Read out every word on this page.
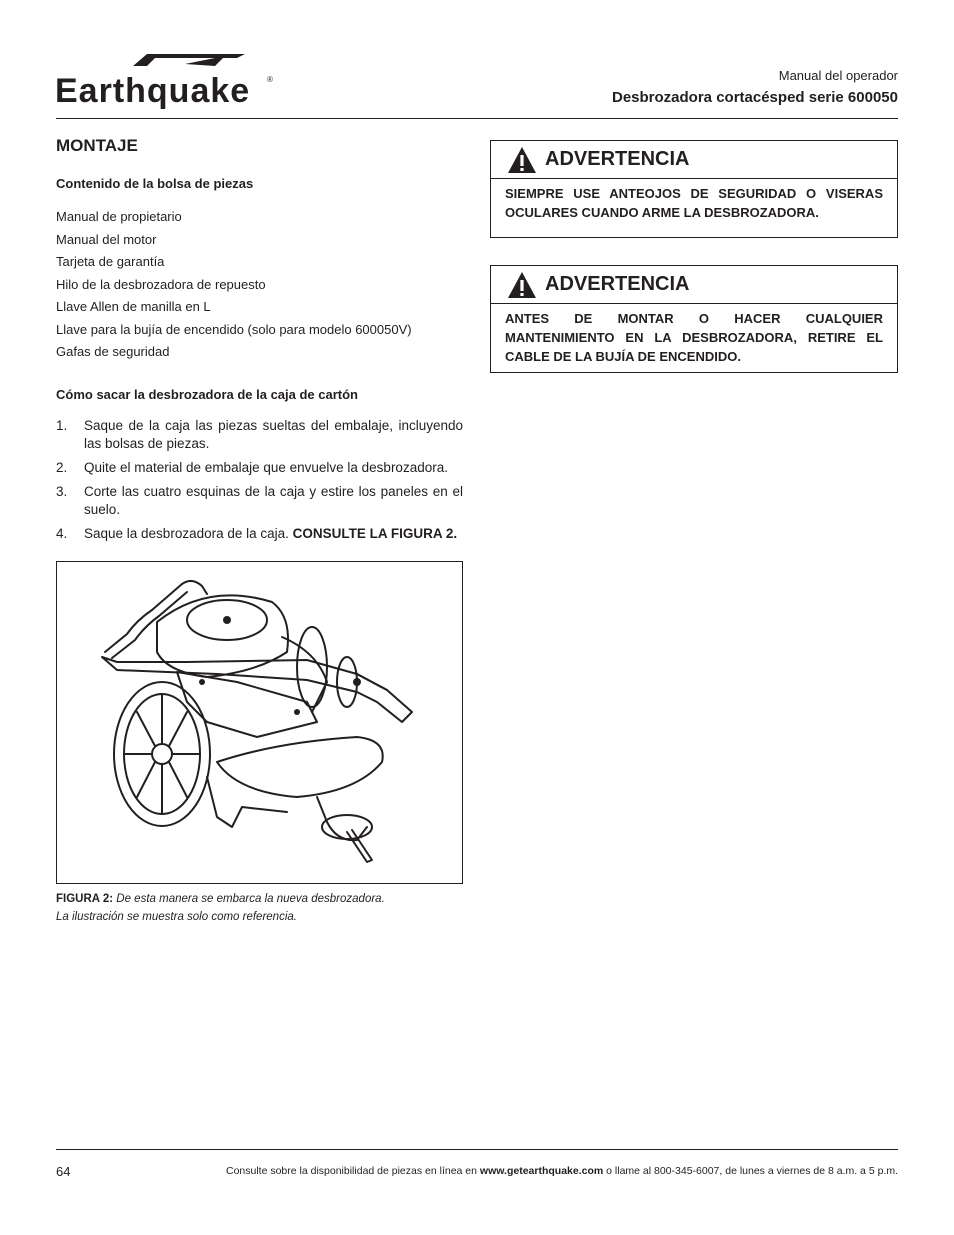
Earthquake ®	Manual del operador
Desbrozadora cortacésped serie 600050
MONTAJE
Contenido de la bolsa de piezas
Manual de propietario
Manual del motor
Tarjeta de garantía
Hilo de la desbrozadora de repuesto
Llave Allen de manilla en L
Llave para la bujía de encendido (solo para modelo 600050V)
Gafas de seguridad
Cómo sacar la desbrozadora de la caja de cartón
1.	Saque de la caja las piezas sueltas del embalaje, incluyendo las bolsas de piezas.
2.	Quite el material de embalaje que envuelve la desbrozadora.
3.	Corte las cuatro esquinas de la caja y estire los paneles en el suelo.
4.	Saque la desbrozadora de la caja. CONSULTE LA FIGURA 2.
FIGURA 2: De esta manera se embarca la nueva desbrozadora.
La ilustración se muestra solo como referencia.
ADVERTENCIA
SIEMPRE USE ANTEOJOS DE SEGURIDAD O VISERAS OCULARES CUANDO ARME LA DESBROZADORA.
ADVERTENCIA
ANTES DE MONTAR O HACER CUALQUIER MANTENIMIENTO EN LA DESBROZADORA, RETIRE EL CABLE DE LA BUJÍA DE ENCENDIDO.
64	Consulte sobre la disponibilidad de piezas en línea en www.getearthquake.com o llame al 800-345-6007, de lunes a viernes de 8 a.m. a 5 p.m.
